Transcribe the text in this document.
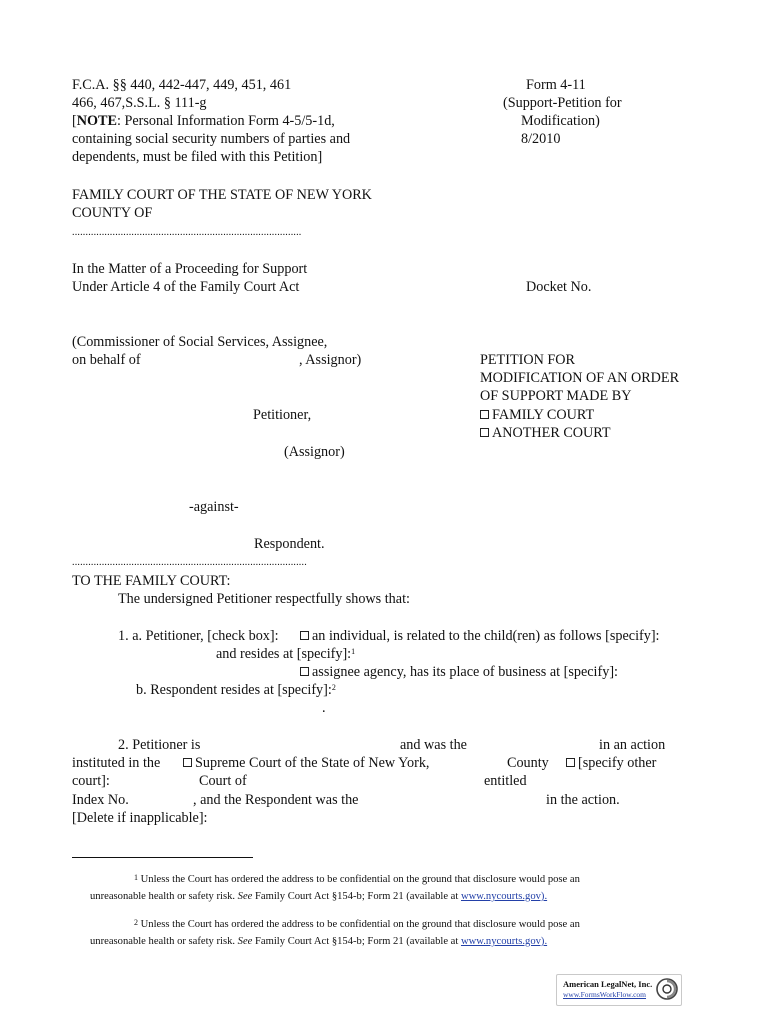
F.C.A. §§ 440, 442-447, 449, 451, 461
466, 467,S.S.L. § 111-g
[NOTE: Personal Information Form 4-5/5-1d,
containing social security numbers of parties and
dependents, must be filed with this Petition]
Form 4-11
(Support-Petition for
Modification)
8/2010
FAMILY COURT OF THE STATE OF NEW YORK
COUNTY OF
.....................................................................................
In the Matter of a Proceeding for Support
Under Article 4 of the Family Court Act	Docket No.
(Commissioner of Social Services, Assignee,
on behalf of	, Assignor)
Petitioner,
(Assignor)
-against-
Respondent.
.......................................................................................
PETITION FOR
MODIFICATION OF AN ORDER
OF SUPPORT MADE BY
FAMILY COURT
ANOTHER COURT
TO THE FAMILY COURT:
The undersigned Petitioner respectfully shows that:
1. a. Petitioner, [check box]:	an individual, is related to the child(ren) as follows [specify]:
and resides at [specify]:$^1$
assignee agency, has its place of business at [specify]:
b. Respondent resides at [specify]:$^2$
.
2. Petitioner is	and was the	in an action
instituted in the	Supreme Court of the State of New York,	County	[specify other
court]:	Court of	entitled
Index No.	, and the Respondent was the	in the action.
[Delete if inapplicable]:
$^1$ Unless the Court has ordered the address to be confidential on the ground that disclosure would pose an
unreasonable health or safety risk. See Family Court Act §154-b; Form 21 (available at www.nycourts.gov).
$^2$ Unless the Court has ordered the address to be confidential on the ground that disclosure would pose an
unreasonable health or safety risk. See Family Court Act §154-b; Form 21 (available at www.nycourts.gov).
American LegalNet, Inc.
www.FormsWorkFlow.com
